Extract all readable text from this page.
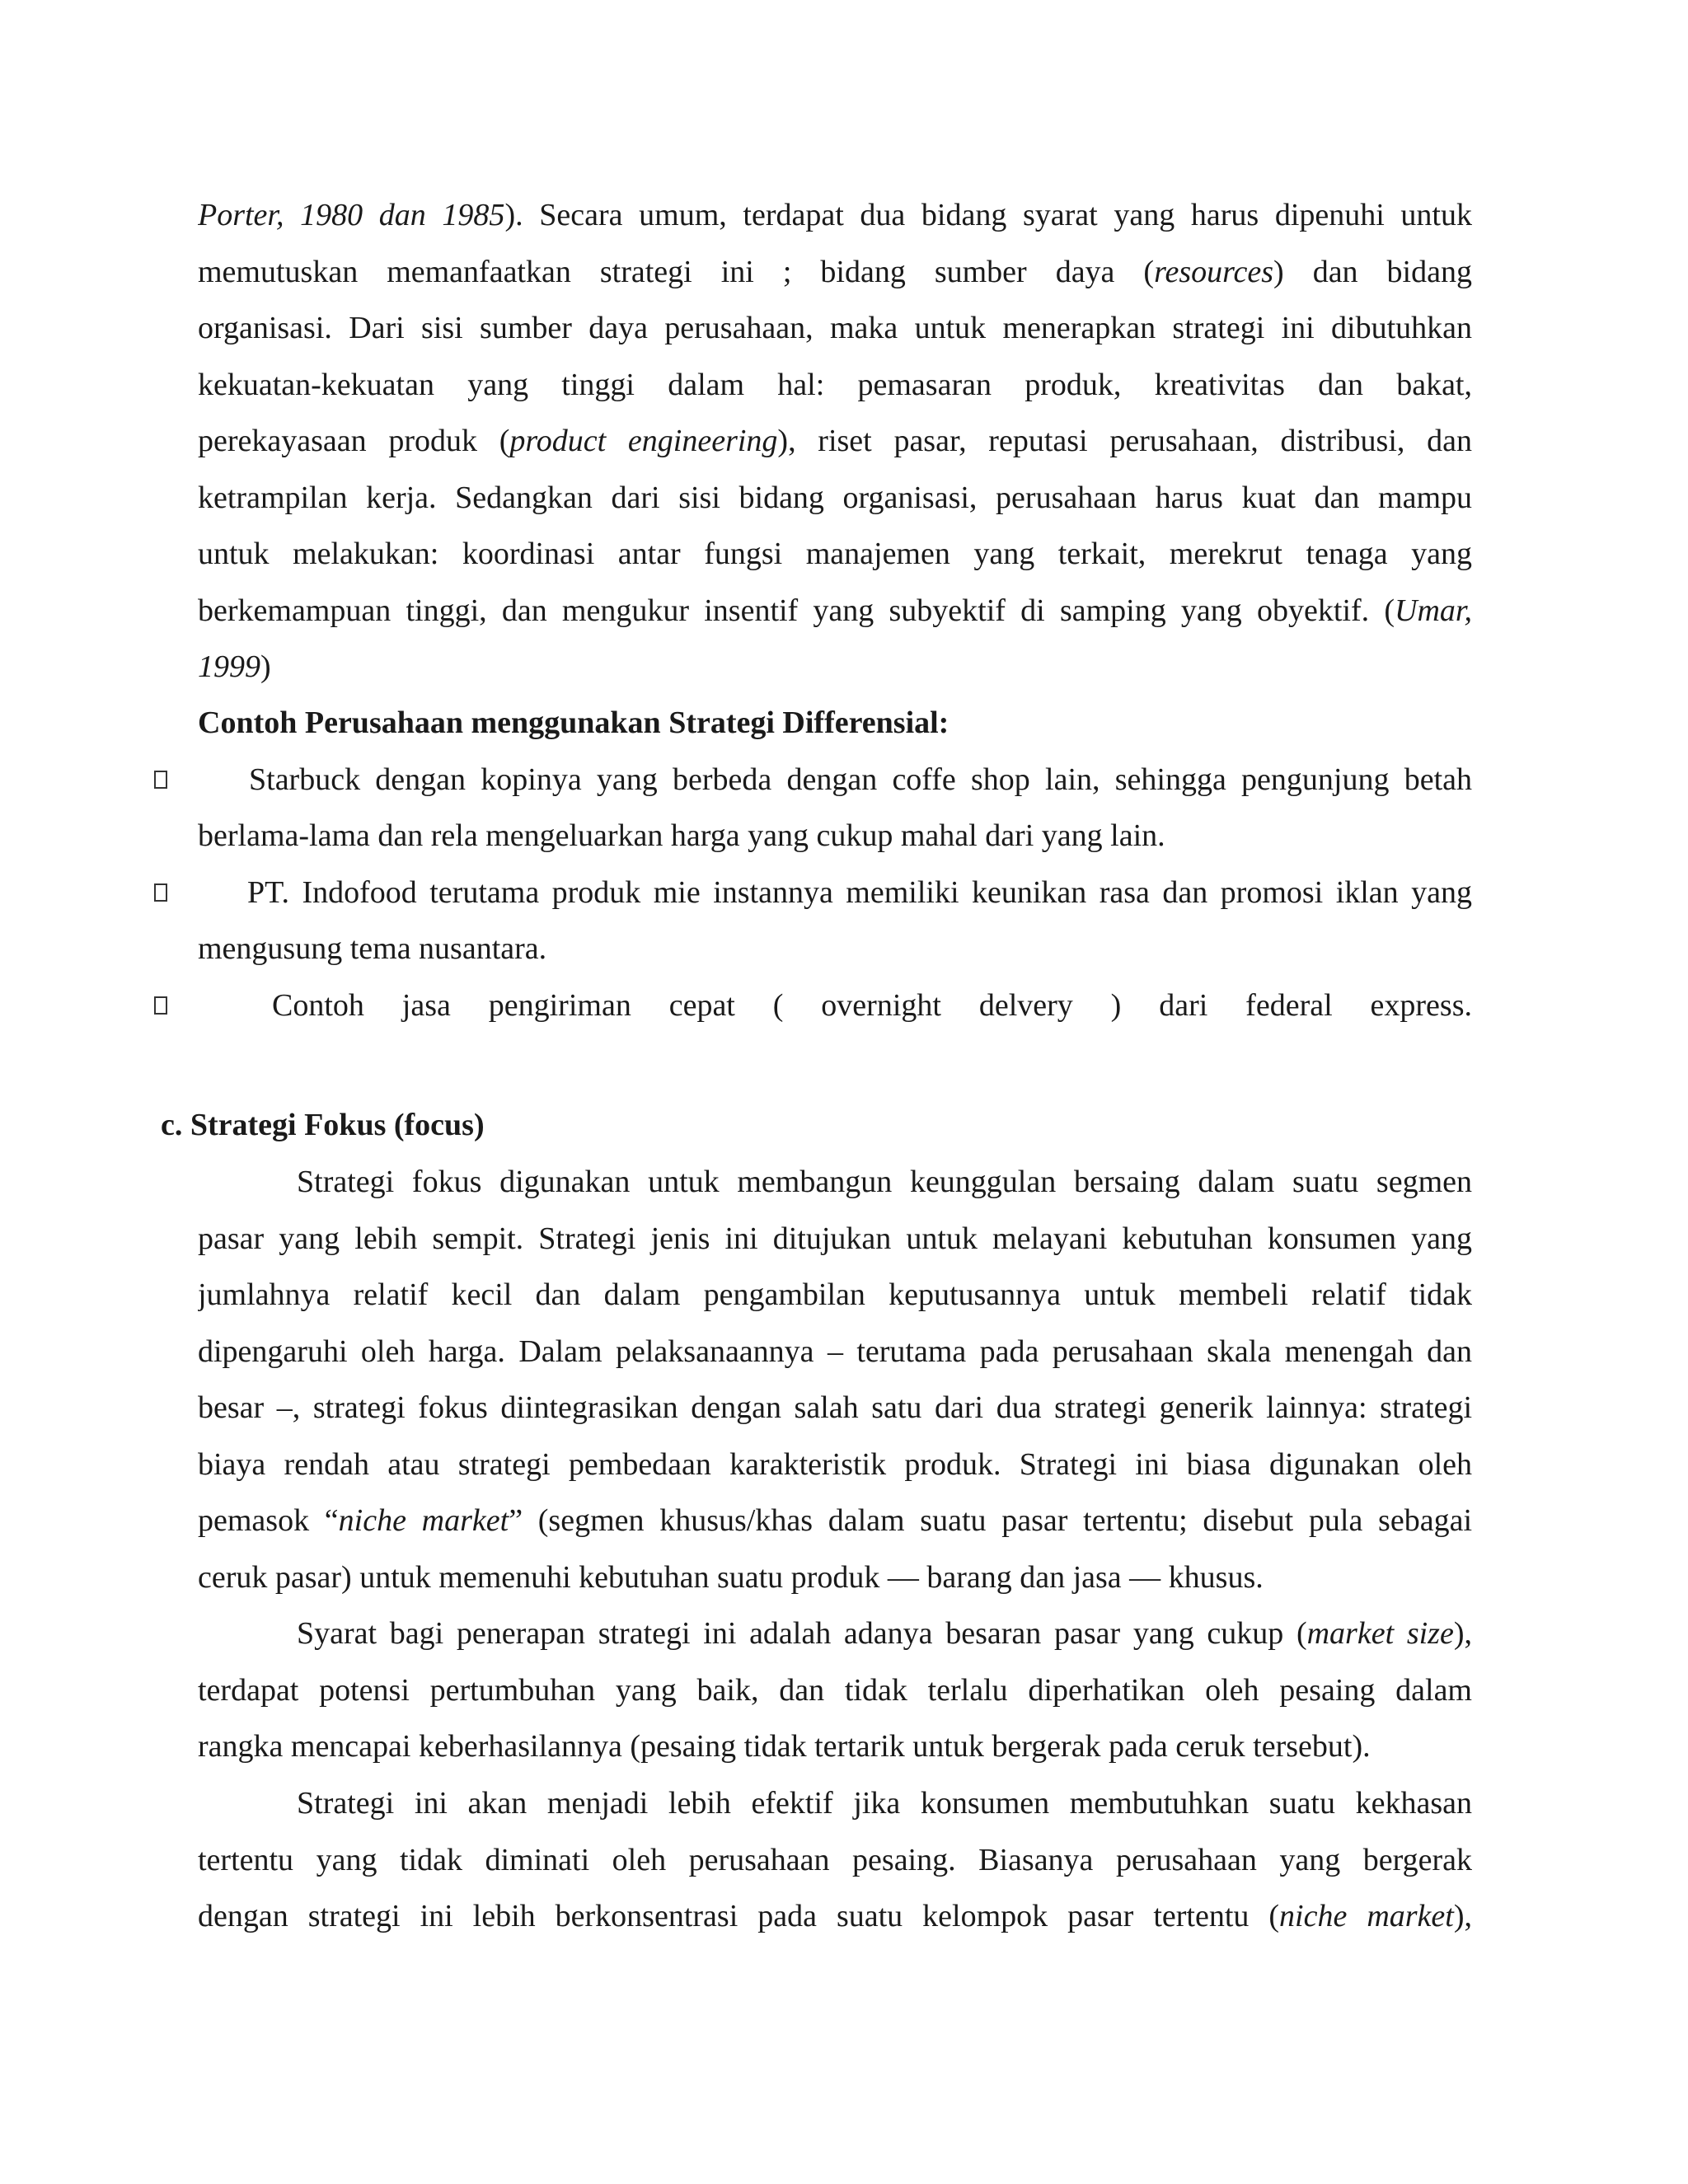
Porter, 1980 dan 1985). Secara umum, terdapat dua bidang syarat yang harus dipenuhi untuk
memutuskan memanfaatkan strategi ini ; bidang sumber daya (resources) dan bidang
organisasi. Dari sisi sumber daya perusahaan, maka untuk menerapkan strategi ini dibutuhkan
kekuatan-kekuatan yang tinggi dalam hal: pemasaran produk, kreativitas dan bakat,
perekayasaan produk (product engineering), riset pasar, reputasi perusahaan, distribusi, dan
ketrampilan kerja. Sedangkan dari sisi bidang organisasi, perusahaan harus kuat dan mampu
untuk melakukan: koordinasi antar fungsi manajemen yang terkait, merekrut tenaga yang
berkemampuan tinggi, dan mengukur insentif yang subyektif di samping yang obyektif. (Umar,
1999)
Contoh Perusahaan menggunakan Strategi Differensial:
Starbuck dengan kopinya yang berbeda dengan coffe shop lain, sehingga pengunjung betah
berlama-lama dan rela mengeluarkan harga yang cukup mahal dari yang lain.
PT. Indofood terutama produk mie instannya memiliki keunikan rasa dan promosi iklan yang
mengusung tema nusantara.
Contoh jasa pengiriman cepat ( overnight delvery ) dari federal express.
c. Strategi Fokus (focus)
Strategi fokus digunakan untuk membangun keunggulan bersaing dalam suatu segmen
pasar yang lebih sempit. Strategi jenis ini ditujukan untuk melayani kebutuhan konsumen yang
jumlahnya relatif kecil dan dalam pengambilan keputusannya untuk membeli relatif tidak
dipengaruhi oleh harga. Dalam pelaksanaannya – terutama pada perusahaan skala menengah dan
besar –, strategi fokus diintegrasikan dengan salah satu dari dua strategi generik lainnya: strategi
biaya rendah atau strategi pembedaan karakteristik produk. Strategi ini biasa digunakan oleh
pemasok “niche market” (segmen khusus/khas dalam suatu pasar tertentu; disebut pula sebagai
ceruk pasar) untuk memenuhi kebutuhan suatu produk — barang dan jasa — khusus.
Syarat bagi penerapan strategi ini adalah adanya besaran pasar yang cukup (market size),
terdapat potensi pertumbuhan yang baik, dan tidak terlalu diperhatikan oleh pesaing dalam
rangka mencapai keberhasilannya (pesaing tidak tertarik untuk bergerak pada ceruk tersebut).
Strategi ini akan menjadi lebih efektif jika konsumen membutuhkan suatu kekhasan
tertentu yang tidak diminati oleh perusahaan pesaing. Biasanya perusahaan yang bergerak
dengan strategi ini lebih berkonsentrasi pada suatu kelompok pasar tertentu (niche market),
